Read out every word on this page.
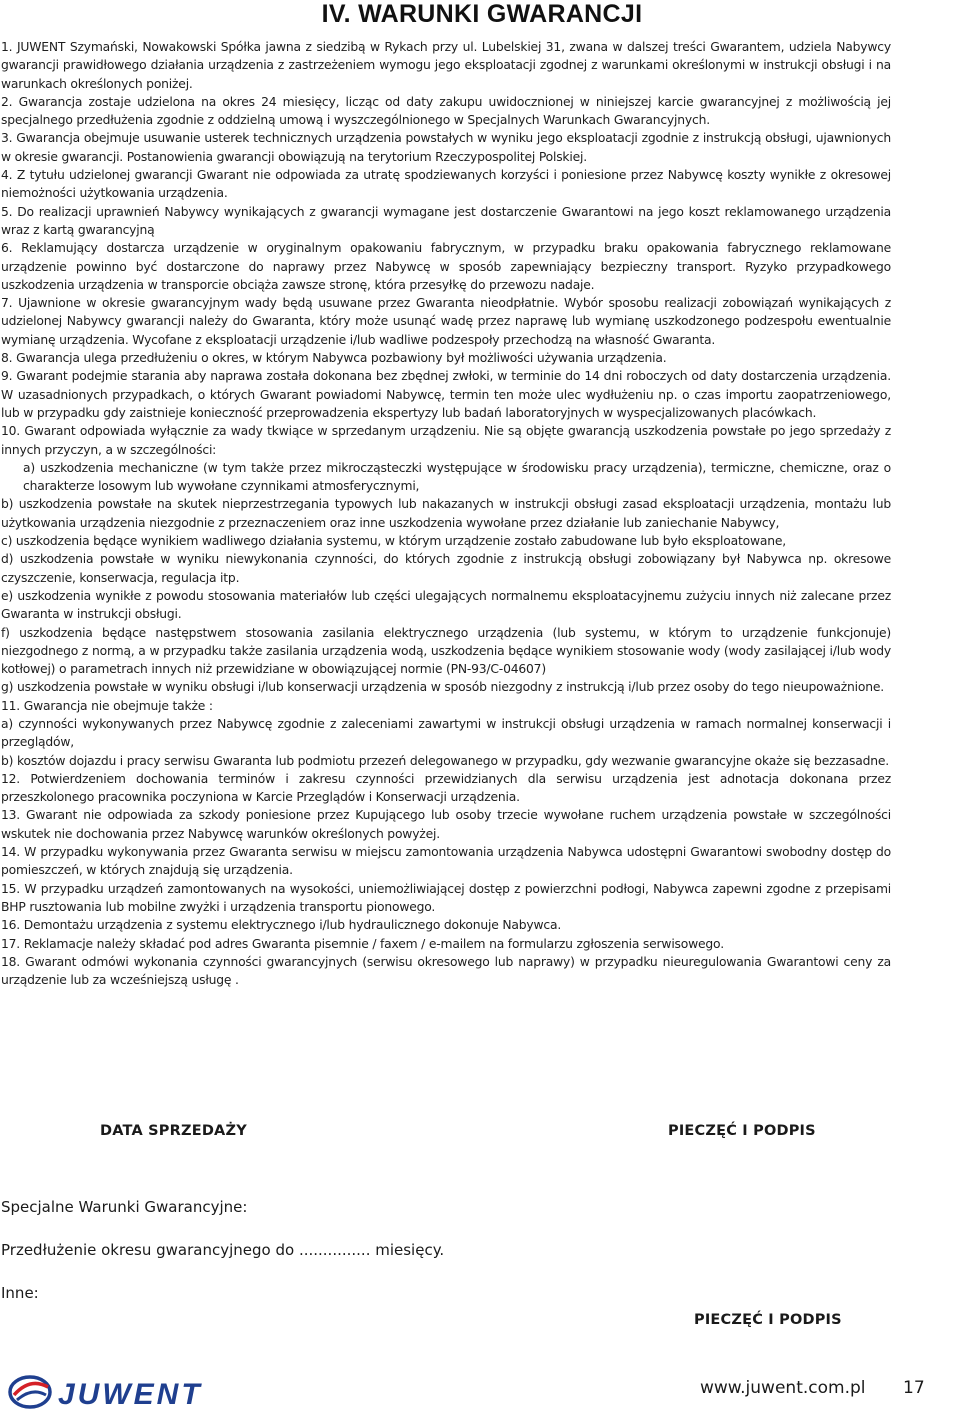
IV. WARUNKI GWARANCJI

1. JUWENT Szymański, Nowakowski Spółka jawna z siedzibą w Rykach przy ul. Lubelskiej 31, zwana w dalszej treści Gwarantem, udziela Nabywcy gwarancji prawidłowego działania urządzenia z zastrzeżeniem wymogu jego eksploatacji zgodnej z warunkami określonymi w instrukcji obsługi i na warunkach określonych poniżej.

2. Gwarancja zostaje udzielona na okres 24 miesięcy, licząc od daty zakupu uwidocznionej w niniejszej karcie gwarancyjnej z możliwością jej specjalnego przedłużenia zgodnie z oddzielną umową i wyszczególnionego w Specjalnych Warunkach Gwarancyjnych.

3. Gwarancja obejmuje usuwanie usterek technicznych urządzenia powstałych w wyniku jego eksploatacji zgodnie z instrukcją obsługi, ujawnionych w okresie gwarancji. Postanowienia gwarancji obowiązują na terytorium Rzeczypospolitej Polskiej.

4. Z tytułu udzielonej gwarancji Gwarant nie odpowiada za utratę spodziewanych korzyści i poniesione przez Nabywcę koszty wynikłe z okresowej niemożności użytkowania urządzenia.

5. Do realizacji uprawnień Nabywcy wynikających z gwarancji wymagane jest dostarczenie Gwarantowi na jego koszt reklamowanego urządzenia wraz z kartą gwarancyjną

6. Reklamujący dostarcza urządzenie w oryginalnym opakowaniu fabrycznym, w przypadku braku opakowania fabrycznego reklamowane urządzenie powinno być dostarczone do naprawy przez Nabywcę w sposób zapewniający bezpieczny transport. Ryzyko przypadkowego uszkodzenia urządzenia w transporcie obciąża zawsze stronę, która przesyłkę do przewozu nadaje.

7. Ujawnione w okresie gwarancyjnym wady będą usuwane przez Gwaranta nieodpłatnie. Wybór sposobu realizacji zobowiązań wynikających z udzielonej Nabywcy gwarancji należy do Gwaranta, który może usunąć wadę przez naprawę lub wymianę uszkodzonego podzespołu ewentualnie wymianę urządzenia. Wycofane z eksploatacji urządzenie i/lub wadliwe podzespoły przechodzą na własność Gwaranta.

8. Gwarancja ulega przedłużeniu o okres, w którym Nabywca pozbawiony był możliwości używania urządzenia.

9. Gwarant podejmie starania aby naprawa została dokonana bez zbędnej zwłoki, w terminie do 14 dni roboczych od daty dostarczenia urządzenia. W uzasadnionych przypadkach, o których Gwarant powiadomi Nabywcę, termin ten może ulec wydłużeniu np. o czas importu zaopatrzeniowego, lub w przypadku gdy zaistnieje konieczność przeprowadzenia ekspertyzy lub badań laboratoryjnych w wyspecjalizowanych placówkach.

10. Gwarant odpowiada wyłącznie za wady tkwiące w sprzedanym urządzeniu. Nie są objęte gwarancją uszkodzenia powstałe po jego sprzedaży z innych przyczyn, a w szczególności:

a) uszkodzenia mechaniczne (w tym także przez mikrocząsteczki występujące w środowisku pracy urządzenia), termiczne, chemiczne, oraz o charakterze losowym lub wywołane czynnikami atmosferycznymi,

b) uszkodzenia powstałe na skutek nieprzestrzegania typowych lub nakazanych w instrukcji obsługi zasad eksploatacji urządzenia, montażu lub użytkowania urządzenia niezgodnie z przeznaczeniem oraz inne uszkodzenia wywołane przez działanie lub zaniechanie Nabywcy,

c) uszkodzenia będące wynikiem wadliwego działania systemu, w którym urządzenie zostało zabudowane lub było eksploatowane,

d) uszkodzenia powstałe w wyniku niewykonania czynności, do których zgodnie z instrukcją obsługi zobowiązany był Nabywca np. okresowe czyszczenie, konserwacja, regulacja itp.

e) uszkodzenia wynikłe z powodu stosowania materiałów lub części ulegających normalnemu eksploatacyjnemu zużyciu innych niż zalecane przez Gwaranta w instrukcji obsługi.

f) uszkodzenia będące następstwem stosowania zasilania elektrycznego urządzenia (lub systemu, w którym to urządzenie funkcjonuje) niezgodnego z normą, a w przypadku także zasilania urządzenia wodą, uszkodzenia będące wynikiem stosowanie wody (wody zasilającej i/lub wody kotłowej) o parametrach innych niż przewidziane w obowiązującej normie (PN-93/C-04607)

g) uszkodzenia powstałe w wyniku obsługi i/lub konserwacji urządzenia w sposób niezgodny z instrukcją i/lub przez osoby do tego nieupoważnione.

11. Gwarancja nie obejmuje także :

a) czynności wykonywanych przez Nabywcę zgodnie z zaleceniami zawartymi w instrukcji obsługi urządzenia w ramach normalnej konserwacji i przeglądów,

b) kosztów dojazdu i pracy serwisu Gwaranta lub podmiotu przezeń delegowanego w przypadku, gdy wezwanie gwarancyjne okaże się bezzasadne.

12. Potwierdzeniem dochowania terminów i zakresu czynności przewidzianych dla serwisu urządzenia jest adnotacja dokonana przez przeszkolonego pracownika poczyniona w Karcie Przeglądów i Konserwacji urządzenia.

13. Gwarant nie odpowiada za szkody poniesione przez Kupującego lub osoby trzecie wywołane ruchem urządzenia powstałe w szczególności wskutek nie dochowania przez Nabywcę warunków określonych powyżej.

14. W przypadku wykonywania przez Gwaranta serwisu w miejscu zamontowania urządzenia Nabywca udostępni Gwarantowi swobodny dostęp do pomieszczeń, w których znajdują się urządzenia.

15. W przypadku urządzeń zamontowanych na wysokości, uniemożliwiającej dostęp z powierzchni podłogi, Nabywca zapewni zgodne z przepisami BHP rusztowania lub mobilne zwyżki i urządzenia transportu pionowego.

16. Demontażu urządzenia z systemu elektrycznego i/lub hydraulicznego dokonuje Nabywca.

17. Reklamacje należy składać pod adres Gwaranta pisemnie / faxem / e-mailem na formularzu zgłoszenia serwisowego.

18. Gwarant odmówi wykonania czynności gwarancyjnych (serwisu okresowego lub naprawy) w przypadku nieuregulowania Gwarantowi ceny za urządzenie lub za wcześniejszą usługę .

DATA SPRZEDAŻY	PIECZĘĆ I PODPIS
Specjalne Warunki Gwarancyjne:
Przedłużenie okresu gwarancyjnego do ............... miesięcy.
Inne:
PIECZĘĆ I PODPIS
JUWENT	www.juwent.com.pl 17
